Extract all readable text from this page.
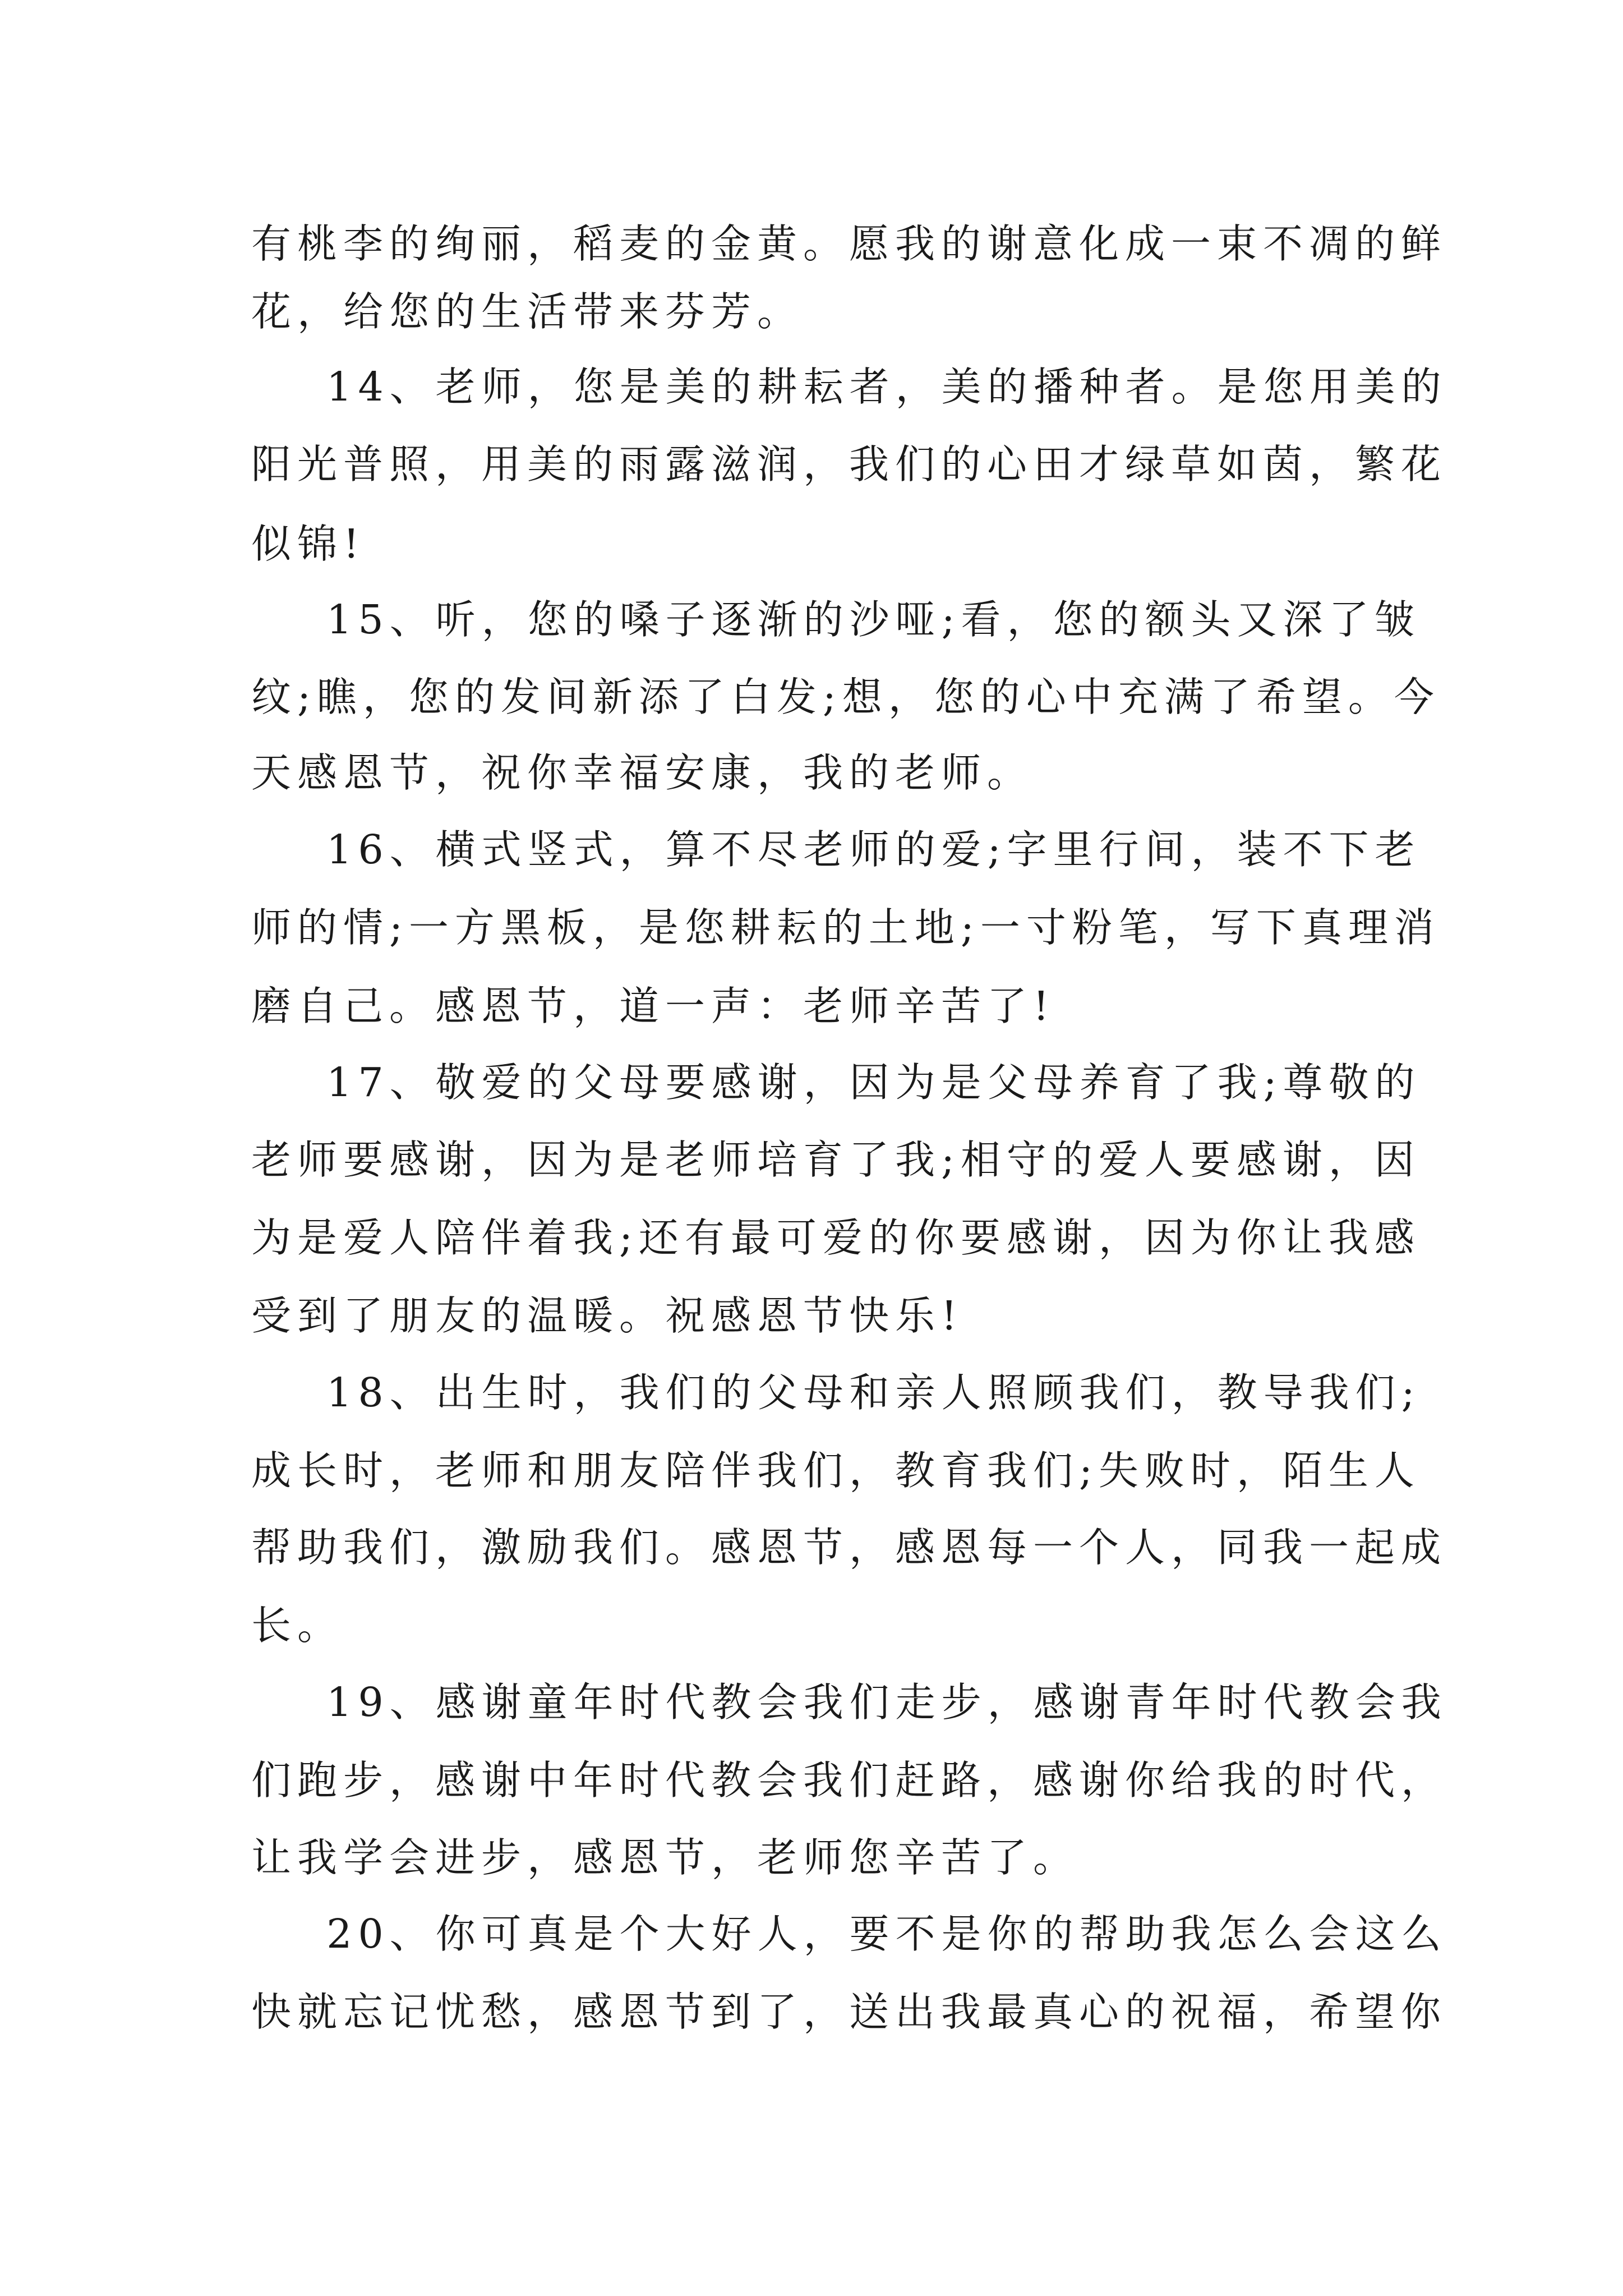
有桃李的绚丽，稻麦的金黄。愿我的谢意化成一束不凋的鲜
花，给您的生活带来芬芳。
14、老师，您是美的耕耘者，美的播种者。是您用美的
阳光普照，用美的雨露滋润，我们的心田才绿草如茵，繁花
似锦!
15、听，您的嗓子逐渐的沙哑;看，您的额头又深了皱
纹;瞧，您的发间新添了白发;想，您的心中充满了希望。今
天感恩节，祝你幸福安康，我的老师。
16、横式竖式，算不尽老师的爱;字里行间，装不下老
师的情;一方黑板，是您耕耘的土地;一寸粉笔，写下真理消
磨自己。感恩节，道一声：老师辛苦了!
17、敬爱的父母要感谢，因为是父母养育了我;尊敬的
老师要感谢，因为是老师培育了我;相守的爱人要感谢，因
为是爱人陪伴着我;还有最可爱的你要感谢，因为你让我感
受到了朋友的温暖。祝感恩节快乐!
18、出生时，我们的父母和亲人照顾我们，教导我们;
成长时，老师和朋友陪伴我们，教育我们;失败时，陌生人
帮助我们，激励我们。感恩节，感恩每一个人，同我一起成
长。
19、感谢童年时代教会我们走步，感谢青年时代教会我
们跑步，感谢中年时代教会我们赶路，感谢你给我的时代，
让我学会进步，感恩节，老师您辛苦了。
20、你可真是个大好人，要不是你的帮助我怎么会这么
快就忘记忧愁，感恩节到了，送出我最真心的祝福，希望你
